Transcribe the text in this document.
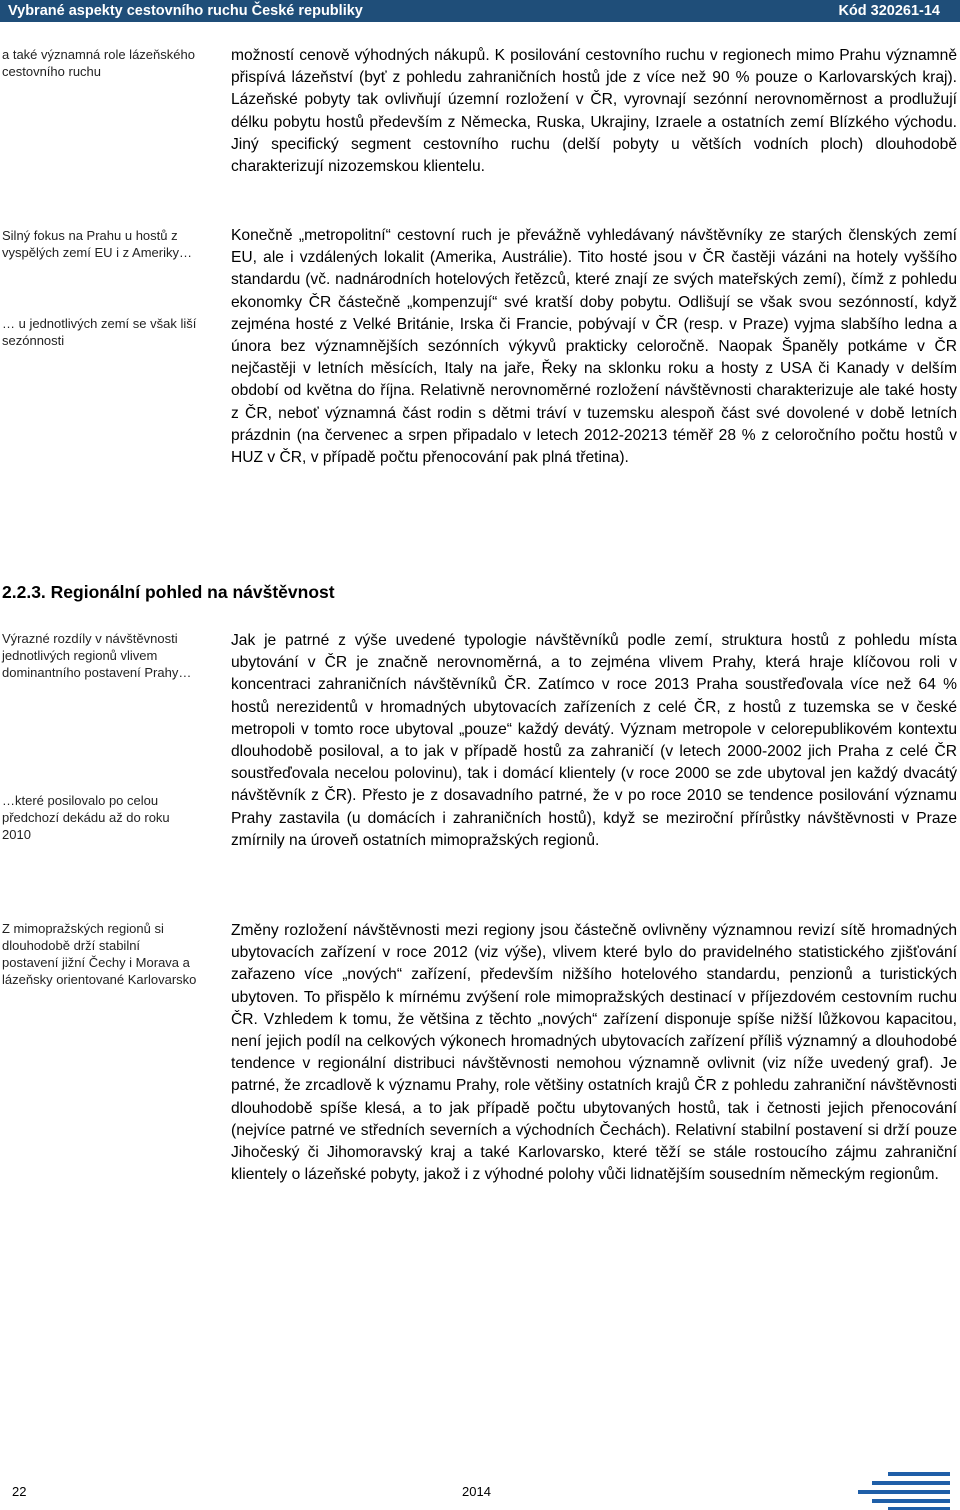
Vybrané aspekty cestovního ruchu České republiky	Kód 320261-14
a také významná role lázeňského cestovního ruchu
Silný fokus na Prahu u hostů z vyspělých zemí EU i z Ameriky…
… u jednotlivých zemí se však liší sezónnosti
Výrazné rozdíly v návštěvnosti jednotlivých regionů vlivem dominantního postavení Prahy…
…které posilovalo po celou předchozí dekádu až do roku 2010
Z mimopražských regionů si dlouhodobě drží stabilní postavení jižní Čechy i Morava a lázeňsky orientované Karlovarsko

možností cenově výhodných nákupů. K posilování cestovního ruchu v regionech mimo Prahu významně přispívá lázeňství (byť z pohledu zahraničních hostů jde z více než 90 % pouze o Karlovarských kraj). Lázeňské pobyty tak ovlivňují územní rozložení v ČR, vyrovnají sezónní nerovnoměrnost a prodlužují délku pobytu hostů především z Německa, Ruska, Ukrajiny, Izraele a ostatních zemí Blízkého východu. Jiný specifický segment cestovního ruchu (delší pobyty u větších vodních ploch) dlouhodobě charakterizují nizozemskou klientelu.

Konečně „metropolitní“ cestovní ruch je převážně vyhledávaný návštěvníky ze starých členských zemí EU, ale i vzdálených lokalit (Amerika, Austrálie). Tito hosté jsou v ČR častěji vázáni na hotely vyššího standardu (vč. nadnárodních hotelových řetězců, které znají ze svých mateřských zemí), čímž z pohledu ekonomky ČR částečně „kompenzují“ své kratší doby pobytu. Odlišují se však svou sezónností, když zejména hosté z Velké Británie, Irska či Francie, pobývají v ČR (resp. v Praze) vyjma slabšího ledna a února bez významnějších sezónních výkyvů prakticky celoročně. Naopak Španěly potkáme v ČR nejčastěji v letních měsících, Italy na jaře, Řeky na sklonku roku a hosty z USA či Kanady v delším období od května do října. Relativně nerovnoměrné rozložení návštěvnosti charakterizuje ale také hosty z ČR, neboť významná část rodin s dětmi tráví v tuzemsku alespoň část své dovolené v době letních prázdnin (na červenec a srpen připadalo v letech 2012-20213 téměř 28 % z celoročního počtu hostů v HUZ v ČR, v případě počtu přenocování pak plná třetina).

2.2.3. Regionální pohled na návštěvnost

Jak je patrné z výše uvedené typologie návštěvníků podle zemí, struktura hostů z pohledu místa ubytování v ČR je značně nerovnoměrná, a to zejména vlivem Prahy, která hraje klíčovou roli v koncentraci zahraničních návštěvníků ČR. Zatímco v roce 2013 Praha soustřeďovala více než 64 % hostů nerezidentů v hromadných ubytovacích zařízeních z celé ČR, z hostů z tuzemska se v české metropoli v tomto roce ubytoval „pouze“ každý devátý. Význam metropole v celorepublikovém kontextu dlouhodobě posiloval, a to jak v případě hostů za zahraničí (v letech 2000-2002 jich Praha z celé ČR soustřeďovala necelou polovinu), tak i domácí klientely (v roce 2000 se zde ubytoval jen každý dvacátý návštěvník z ČR). Přesto je z dosavadního patrné, že v po roce 2010 se tendence posilování významu Prahy zastavila (u domácích i zahraničních hostů), když se meziroční přírůstky návštěvnosti v Praze zmírnily na úroveň ostatních mimopražských regionů.

Změny rozložení návštěvnosti mezi regiony jsou částečně ovlivněny významnou revizí sítě hromadných ubytovacích zařízení v roce 2012 (viz výše), vlivem které bylo do pravidelného statistického zjišťování zařazeno více „nových“ zařízení, především nižšího hotelového standardu, penzionů a turistických ubytoven. To přispělo k mírnému zvýšení role mimopražských destinací v příjezdovém cestovním ruchu ČR. Vzhledem k tomu, že většina z těchto „nových“ zařízení disponuje spíše nižší lůžkovou kapacitou, není jejich podíl na celkových výkonech hromadných ubytovacích zařízení příliš významný a dlouhodobé tendence v regionální distribuci návštěvnosti nemohou významně ovlivnit (viz níže uvedený graf). Je patrné, že zrcadlově k významu Prahy, role většiny ostatních krajů ČR z pohledu zahraniční návštěvnosti dlouhodobě spíše klesá, a to jak případě počtu ubytovaných hostů, tak i četnosti jejich přenocování (nejvíce patrné ve středních severních a východních Čechách). Relativní stabilní postavení si drží pouze Jihočeský či Jihomoravský kraj a také Karlovarsko, které těží se stále rostoucího zájmu zahraniční klientely o lázeňské pobyty, jakož i z výhodné polohy vůči lidnatějším sousedním německým regionům.

22	2014
